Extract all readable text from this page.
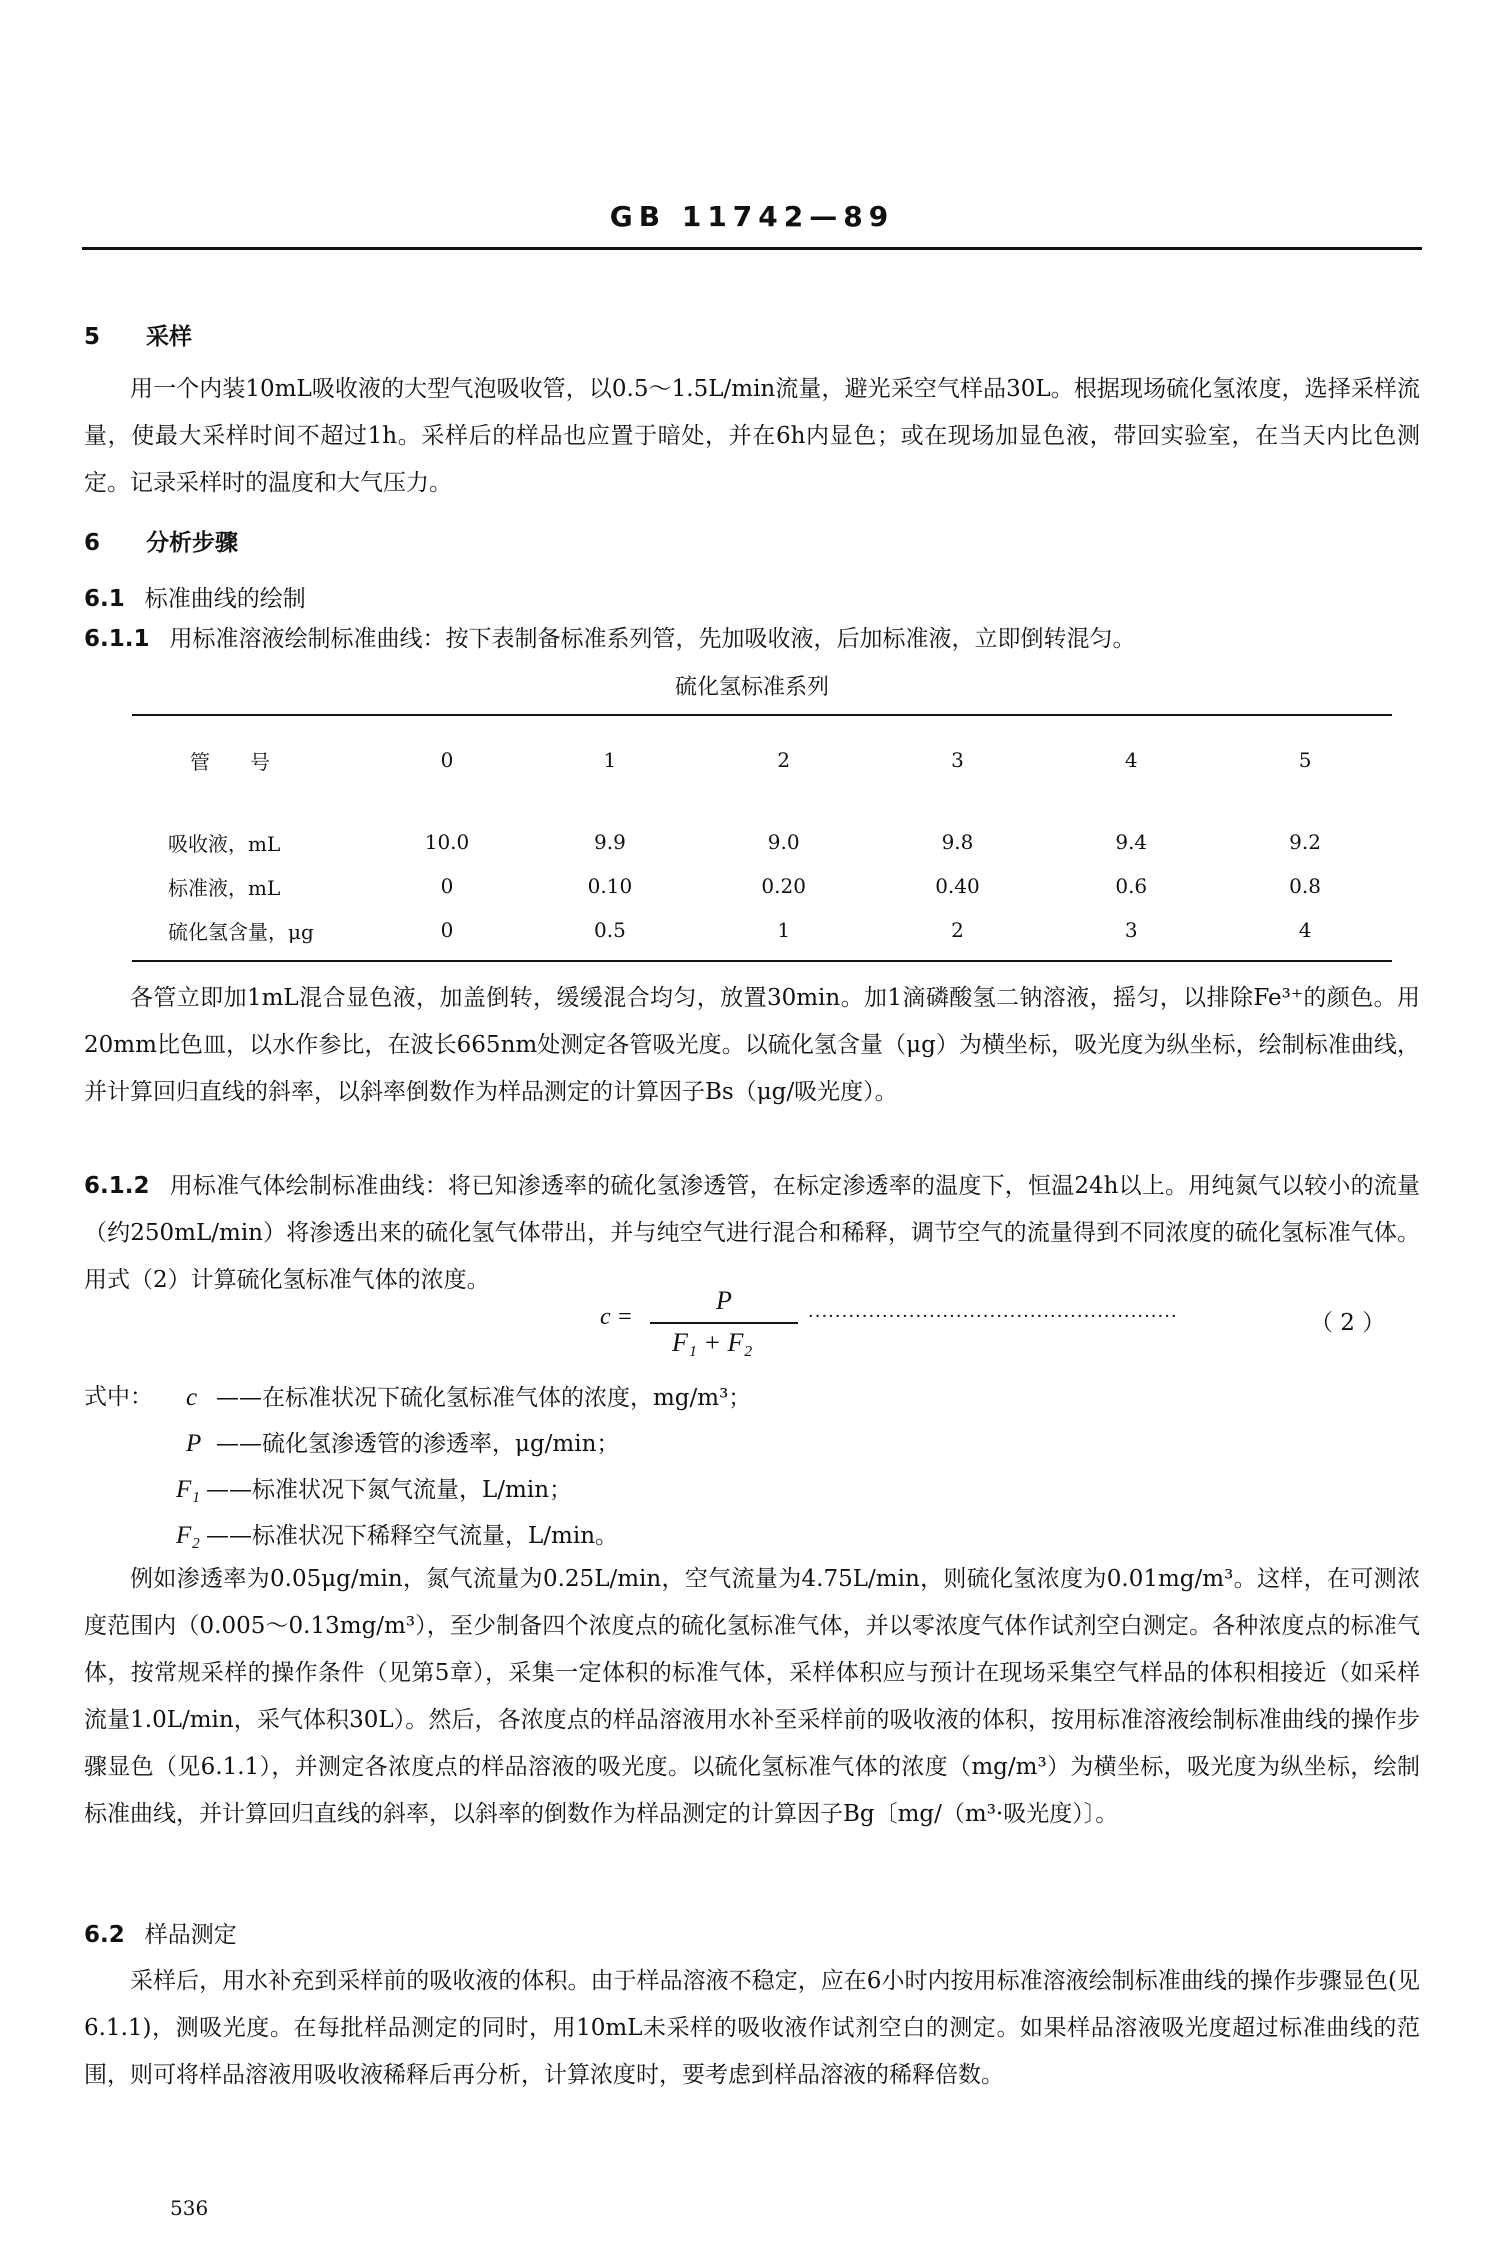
GB 11742—89
5 采样
用一个内装10mL吸收液的大型气泡吸收管，以0.5～1.5L/min流量，避光采空气样品30L。根据现场硫化氢浓度，选择采样流量，使最大采样时间不超过1h。采样后的样品也应置于暗处，并在6h内显色；或在现场加显色液，带回实验室，在当天内比色测定。记录采样时的温度和大气压力。
6 分析步骤
6.1 标准曲线的绘制
6.1.1 用标准溶液绘制标准曲线：按下表制备标准系列管，先加吸收液，后加标准液，立即倒转混匀。
硫化氢标准系列
管　　号	0	1	2	3	4	5

吸收液，mL	10.0	9.9	9.0	9.8	9.4	9.2
标准液，mL	0	0.10	0.20	0.40	0.6	0.8
硫化氢含量，μg	0	0.5	1	2	3	4
各管立即加1mL混合显色液，加盖倒转，缓缓混合均匀，放置30min。加1滴磷酸氢二钠溶液，摇匀，以排除Fe³⁺的颜色。用20mm比色皿，以水作参比，在波长665nm处测定各管吸光度。以硫化氢含量（μg）为横坐标，吸光度为纵坐标，绘制标准曲线，并计算回归直线的斜率，以斜率倒数作为样品测定的计算因子Bs（μg/吸光度）。
6.1.2 用标准气体绘制标准曲线：将已知渗透率的硫化氢渗透管，在标定渗透率的温度下，恒温24h以上。用纯氮气以较小的流量（约250mL/min）将渗透出来的硫化氢气体带出，并与纯空气进行混合和稀释，调节空气的流量得到不同浓度的硫化氢标准气体。用式（2）计算硫化氢标准气体的浓度。
c =
P
F₁ + F₂
·······················································	（ 2 ）
式中： c ——在标准状况下硫化氢标准气体的浓度，mg/m³；
P ——硫化氢渗透管的渗透率，μg/min；
F₁ ——标准状况下氮气流量，L/min；
F₂ ——标准状况下稀释空气流量，L/min。
例如渗透率为0.05μg/min，氮气流量为0.25L/min，空气流量为4.75L/min，则硫化氢浓度为0.01mg/m³。这样，在可测浓度范围内（0.005～0.13mg/m³），至少制备四个浓度点的硫化氢标准气体，并以零浓度气体作试剂空白测定。各种浓度点的标准气体，按常规采样的操作条件（见第5章），采集一定体积的标准气体，采样体积应与预计在现场采集空气样品的体积相接近（如采样流量1.0L/min，采气体积30L）。然后，各浓度点的样品溶液用水补至采样前的吸收液的体积，按用标准溶液绘制标准曲线的操作步骤显色（见6.1.1），并测定各浓度点的样品溶液的吸光度。以硫化氢标准气体的浓度（mg/m³）为横坐标，吸光度为纵坐标，绘制标准曲线，并计算回归直线的斜率，以斜率的倒数作为样品测定的计算因子Bg〔mg/（m³·吸光度）〕。
6.2 样品测定
采样后，用水补充到采样前的吸收液的体积。由于样品溶液不稳定，应在6小时内按用标准溶液绘制标准曲线的操作步骤显色(见6.1.1)，测吸光度。在每批样品测定的同时，用10mL未采样的吸收液作试剂空白的测定。如果样品溶液吸光度超过标准曲线的范围，则可将样品溶液用吸收液稀释后再分析，计算浓度时，要考虑到样品溶液的稀释倍数。
536
